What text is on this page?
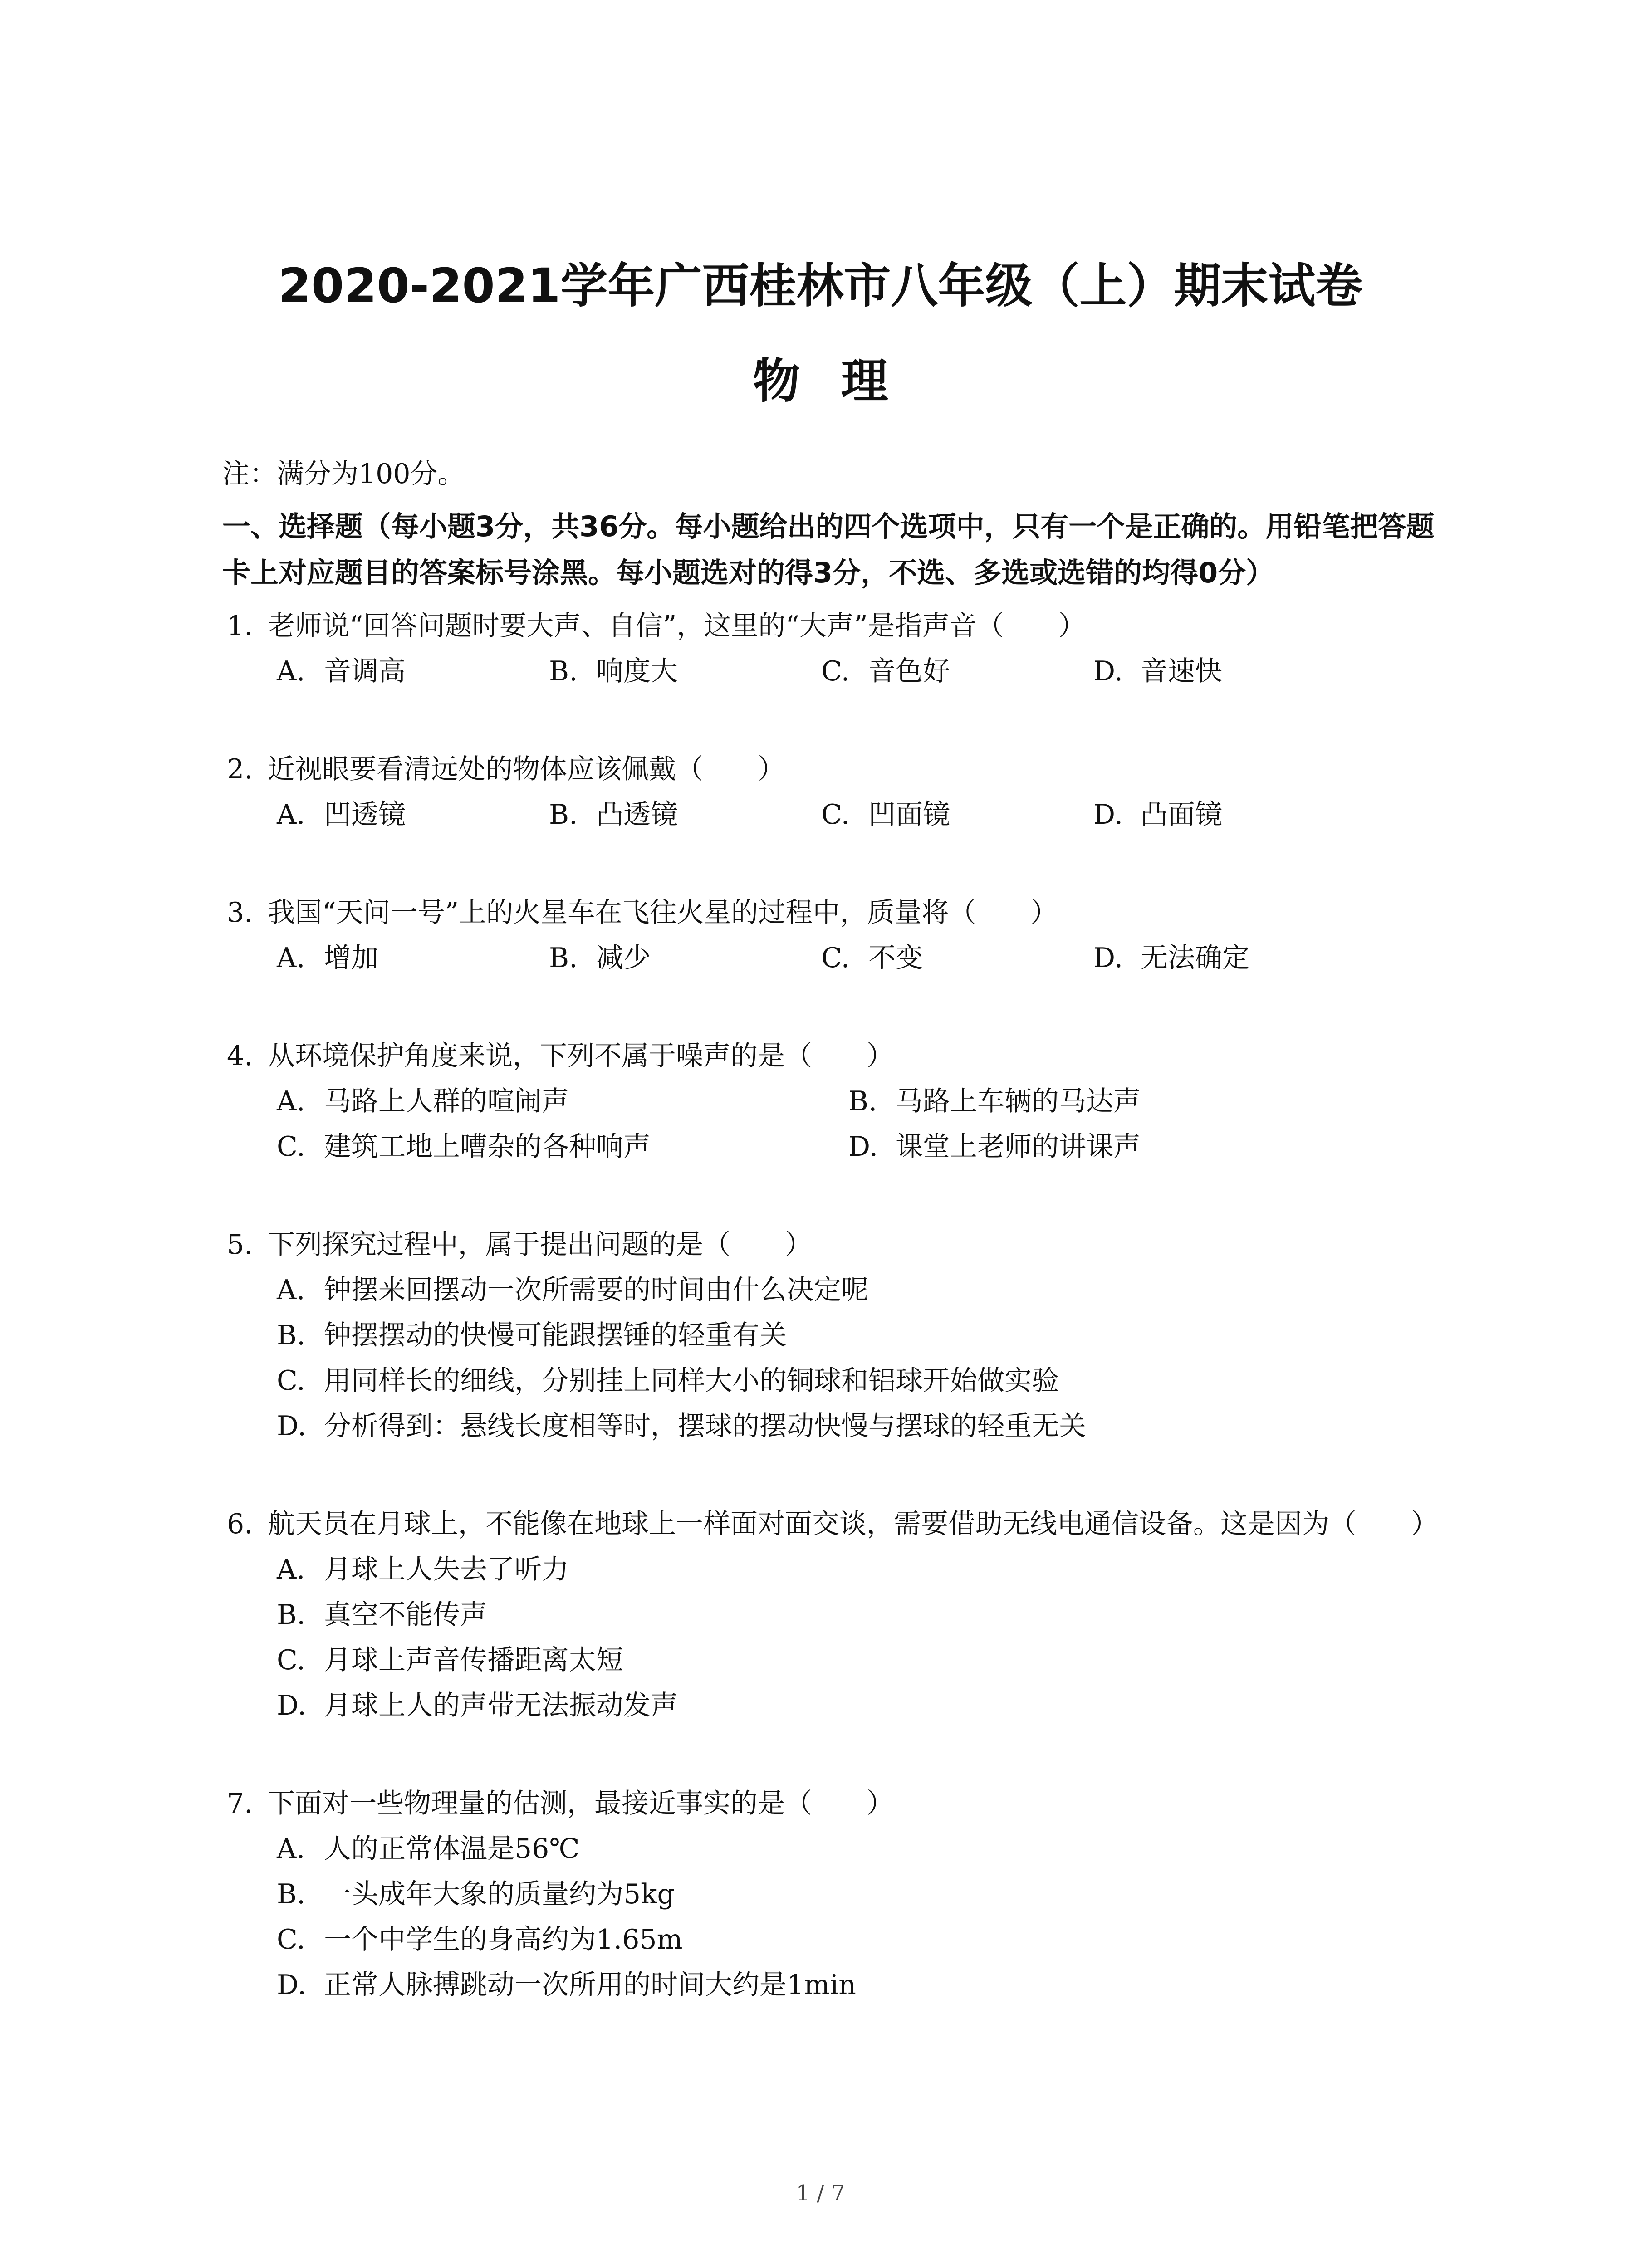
2020-2021学年广西桂林市八年级（上）期末试卷
物理
注：满分为100分。
一、选择题（每小题3分，共36分。每小题给出的四个选项中，只有一个是正确的。用铅笔把答题卡上对应题目的答案标号涂黑。每小题选对的得3分，不选、多选或选错的均得0分）
1. 老师说“回答问题时要大声、自信”，这里的“大声”是指声音（　　）
A. 音调高	B. 响度大	C. 音色好	D. 音速快
2. 近视眼要看清远处的物体应该佩戴（　　）
A. 凹透镜	B. 凸透镜	C. 凹面镜	D. 凸面镜
3. 我国“天问一号”上的火星车在飞往火星的过程中，质量将（　　）
A. 增加	B. 减少	C. 不变	D. 无法确定
4. 从环境保护角度来说，下列不属于噪声的是（　　）
A. 马路上人群的喧闹声	B. 马路上车辆的马达声
C. 建筑工地上嘈杂的各种响声	D. 课堂上老师的讲课声
5. 下列探究过程中，属于提出问题的是（　　）
A. 钟摆来回摆动一次所需要的时间由什么决定呢
B. 钟摆摆动的快慢可能跟摆锤的轻重有关
C. 用同样长的细线，分别挂上同样大小的铜球和铝球开始做实验
D. 分析得到：悬线长度相等时，摆球的摆动快慢与摆球的轻重无关
6. 航天员在月球上，不能像在地球上一样面对面交谈，需要借助无线电通信设备。这是因为（　　）
A. 月球上人失去了听力
B. 真空不能传声
C. 月球上声音传播距离太短
D. 月球上人的声带无法振动发声
7. 下面对一些物理量的估测，最接近事实的是（　　）
A. 人的正常体温是56℃
B. 一头成年大象的质量约为5kg
C. 一个中学生的身高约为1.65m
D. 正常人脉搏跳动一次所用的时间大约是1min
1 / 7
